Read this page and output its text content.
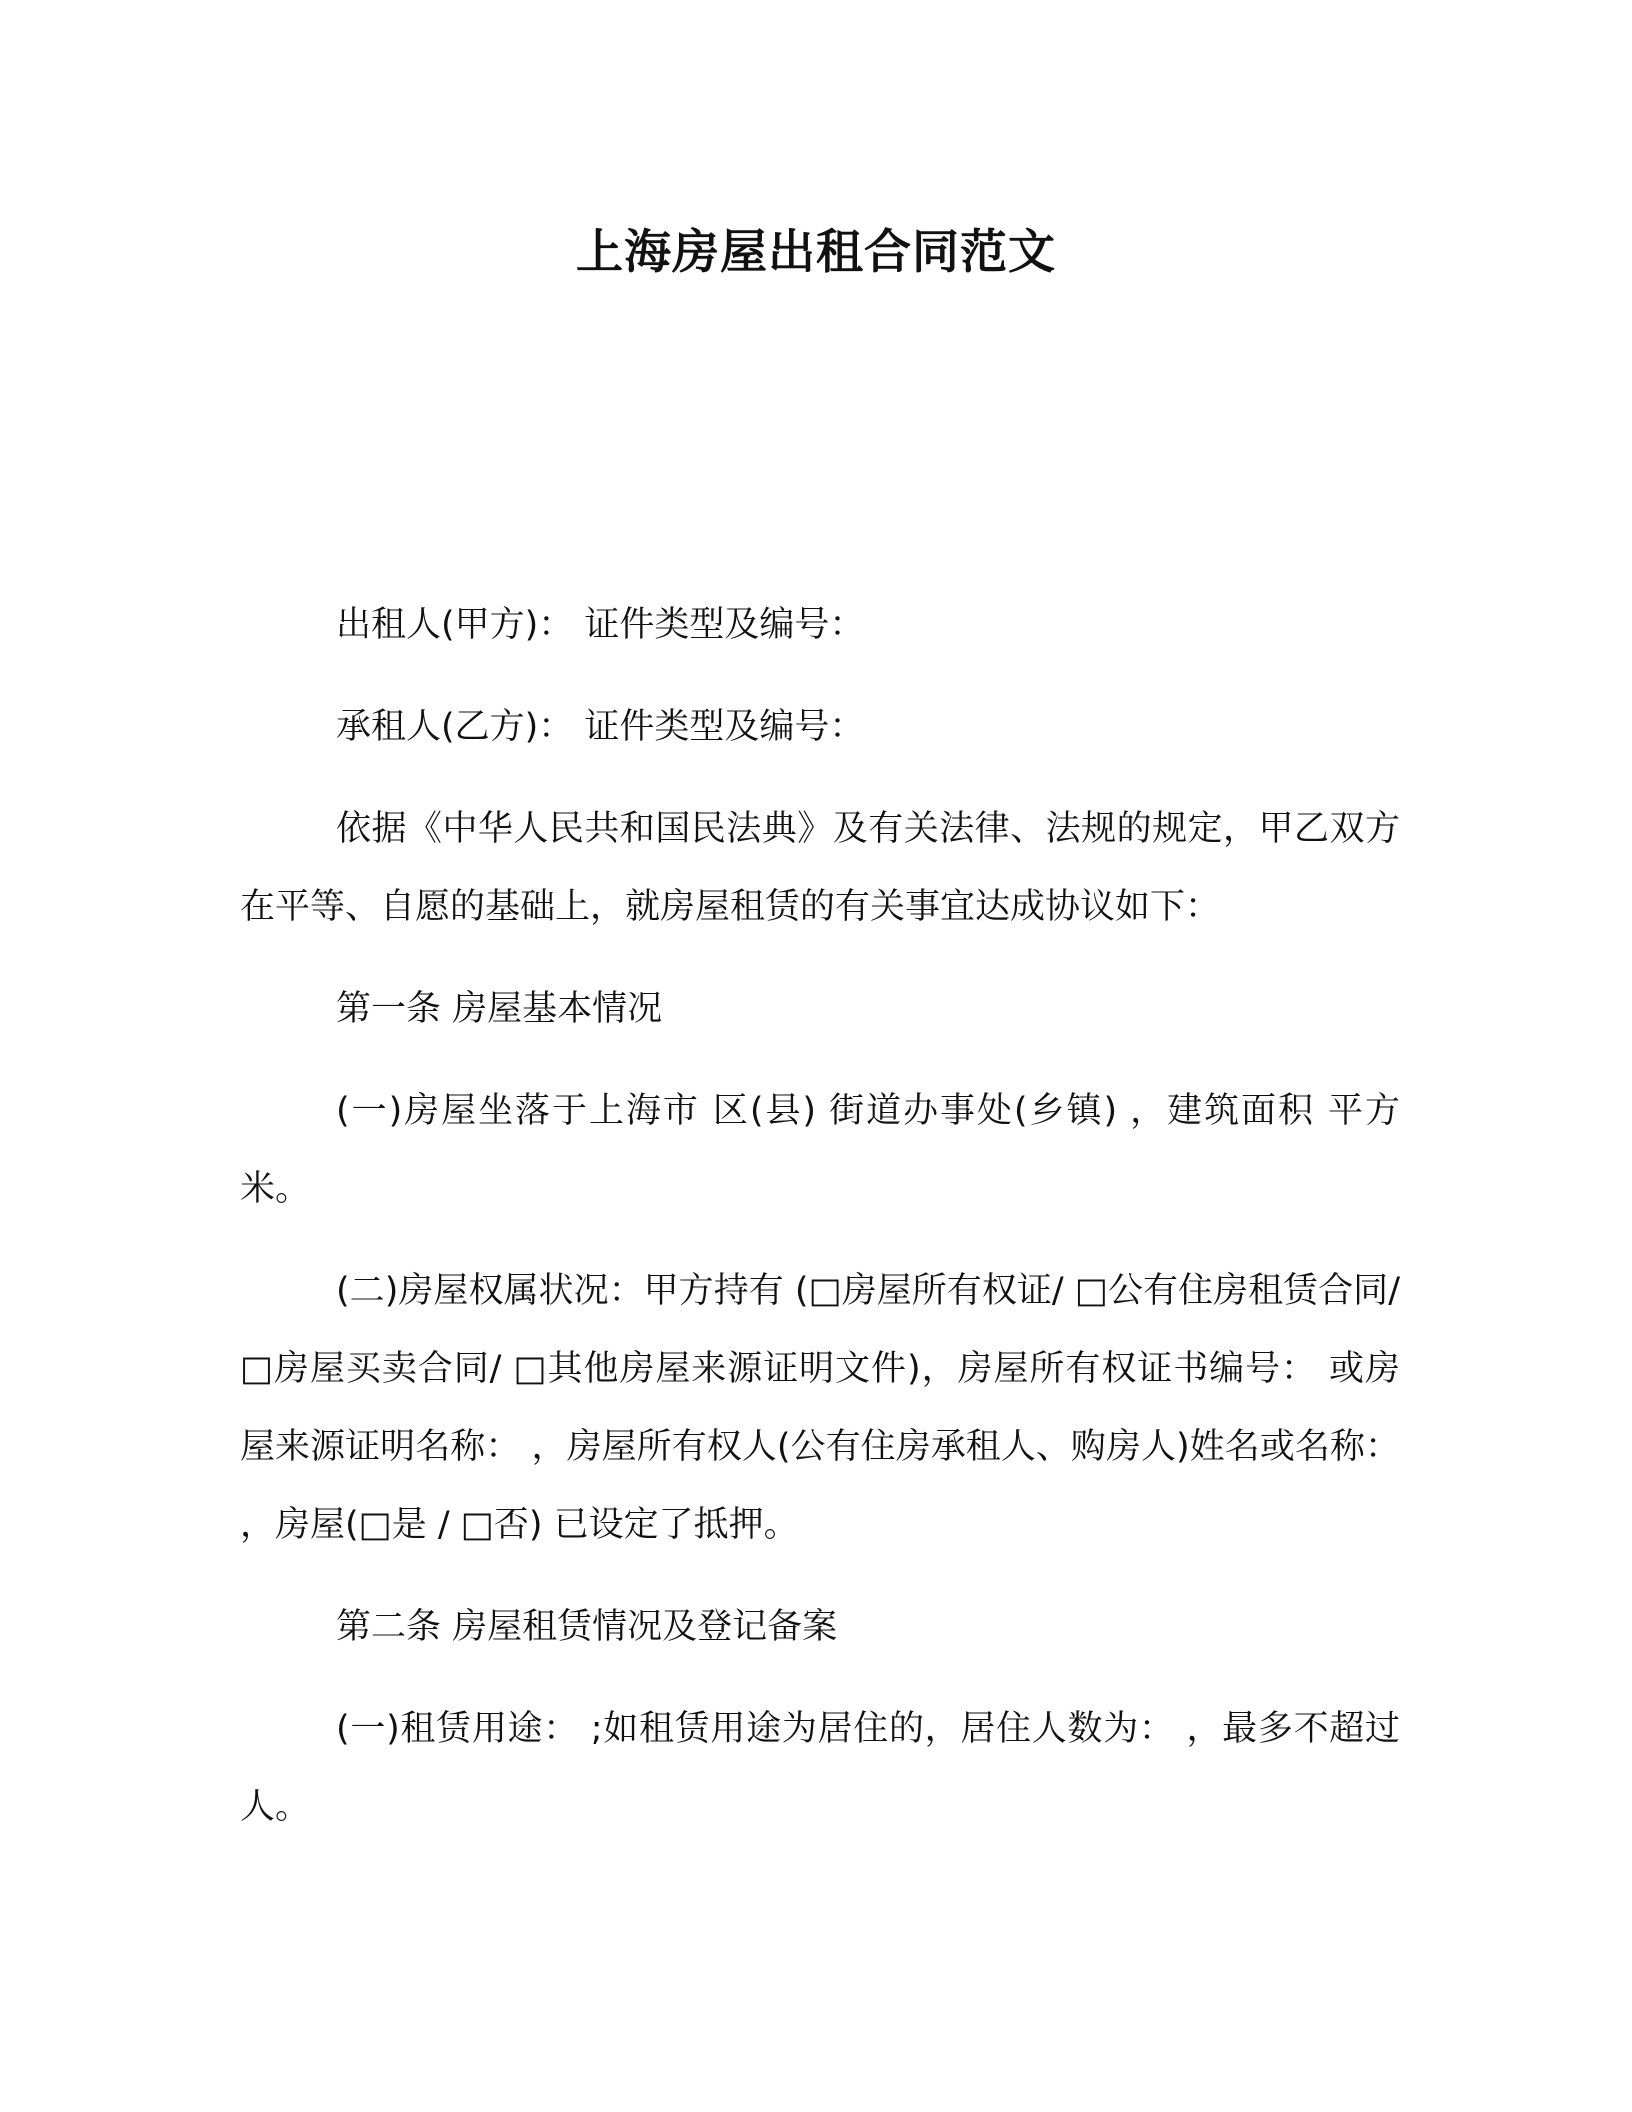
上海房屋出租合同范文

出租人(甲方)： 证件类型及编号：

承租人(乙方)： 证件类型及编号：

依据《中华人民共和国民法典》及有关法律、法规的规定，甲乙双方在平等、自愿的基础上，就房屋租赁的有关事宜达成协议如下：

第一条 房屋基本情况

(一)房屋坐落于上海市 区(县) 街道办事处(乡镇) ，建筑面积 平方米。

(二)房屋权属状况：甲方持有 (□房屋所有权证/ □公有住房租赁合同/ □房屋买卖合同/ □其他房屋来源证明文件)，房屋所有权证书编号： 或房屋来源证明名称： ，房屋所有权人(公有住房承租人、购房人)姓名或名称： ，房屋(□是 / □否) 已设定了抵押。

第二条 房屋租赁情况及登记备案

(一)租赁用途： ;如租赁用途为居住的，居住人数为： ，最多不超过 人。
